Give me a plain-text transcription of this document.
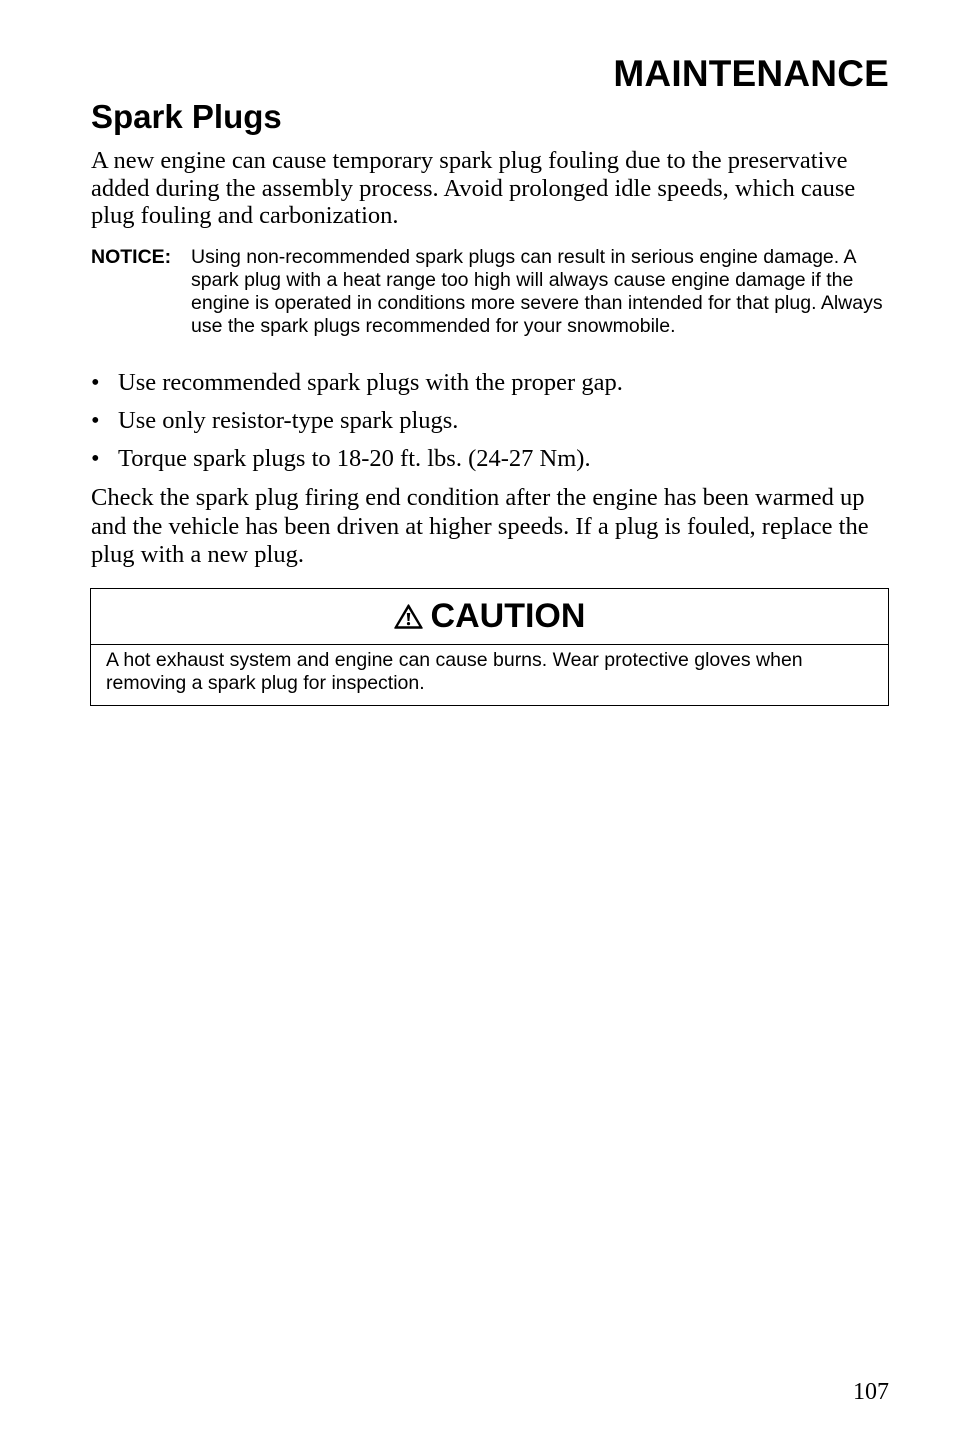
MAINTENANCE
Spark Plugs

A new engine can cause temporary spark plug fouling due to the preservative added during the assembly process. Avoid prolonged idle speeds, which cause plug fouling and carbonization.

NOTICE: Using non-recommended spark plugs can result in serious engine damage. A spark plug with a heat range too high will always cause engine damage if the engine is operated in conditions more severe than intended for that plug. Always use the spark plugs recommended for your snowmobile.

• Use recommended spark plugs with the proper gap.
• Use only resistor-type spark plugs.
• Torque spark plugs to 18-20 ft. lbs. (24-27 Nm).

Check the spark plug firing end condition after the engine has been warmed up and the vehicle has been driven at higher speeds. If a plug is fouled, replace the plug with a new plug.

CAUTION

A hot exhaust system and engine can cause burns. Wear protective gloves when removing a spark plug for inspection.

107
